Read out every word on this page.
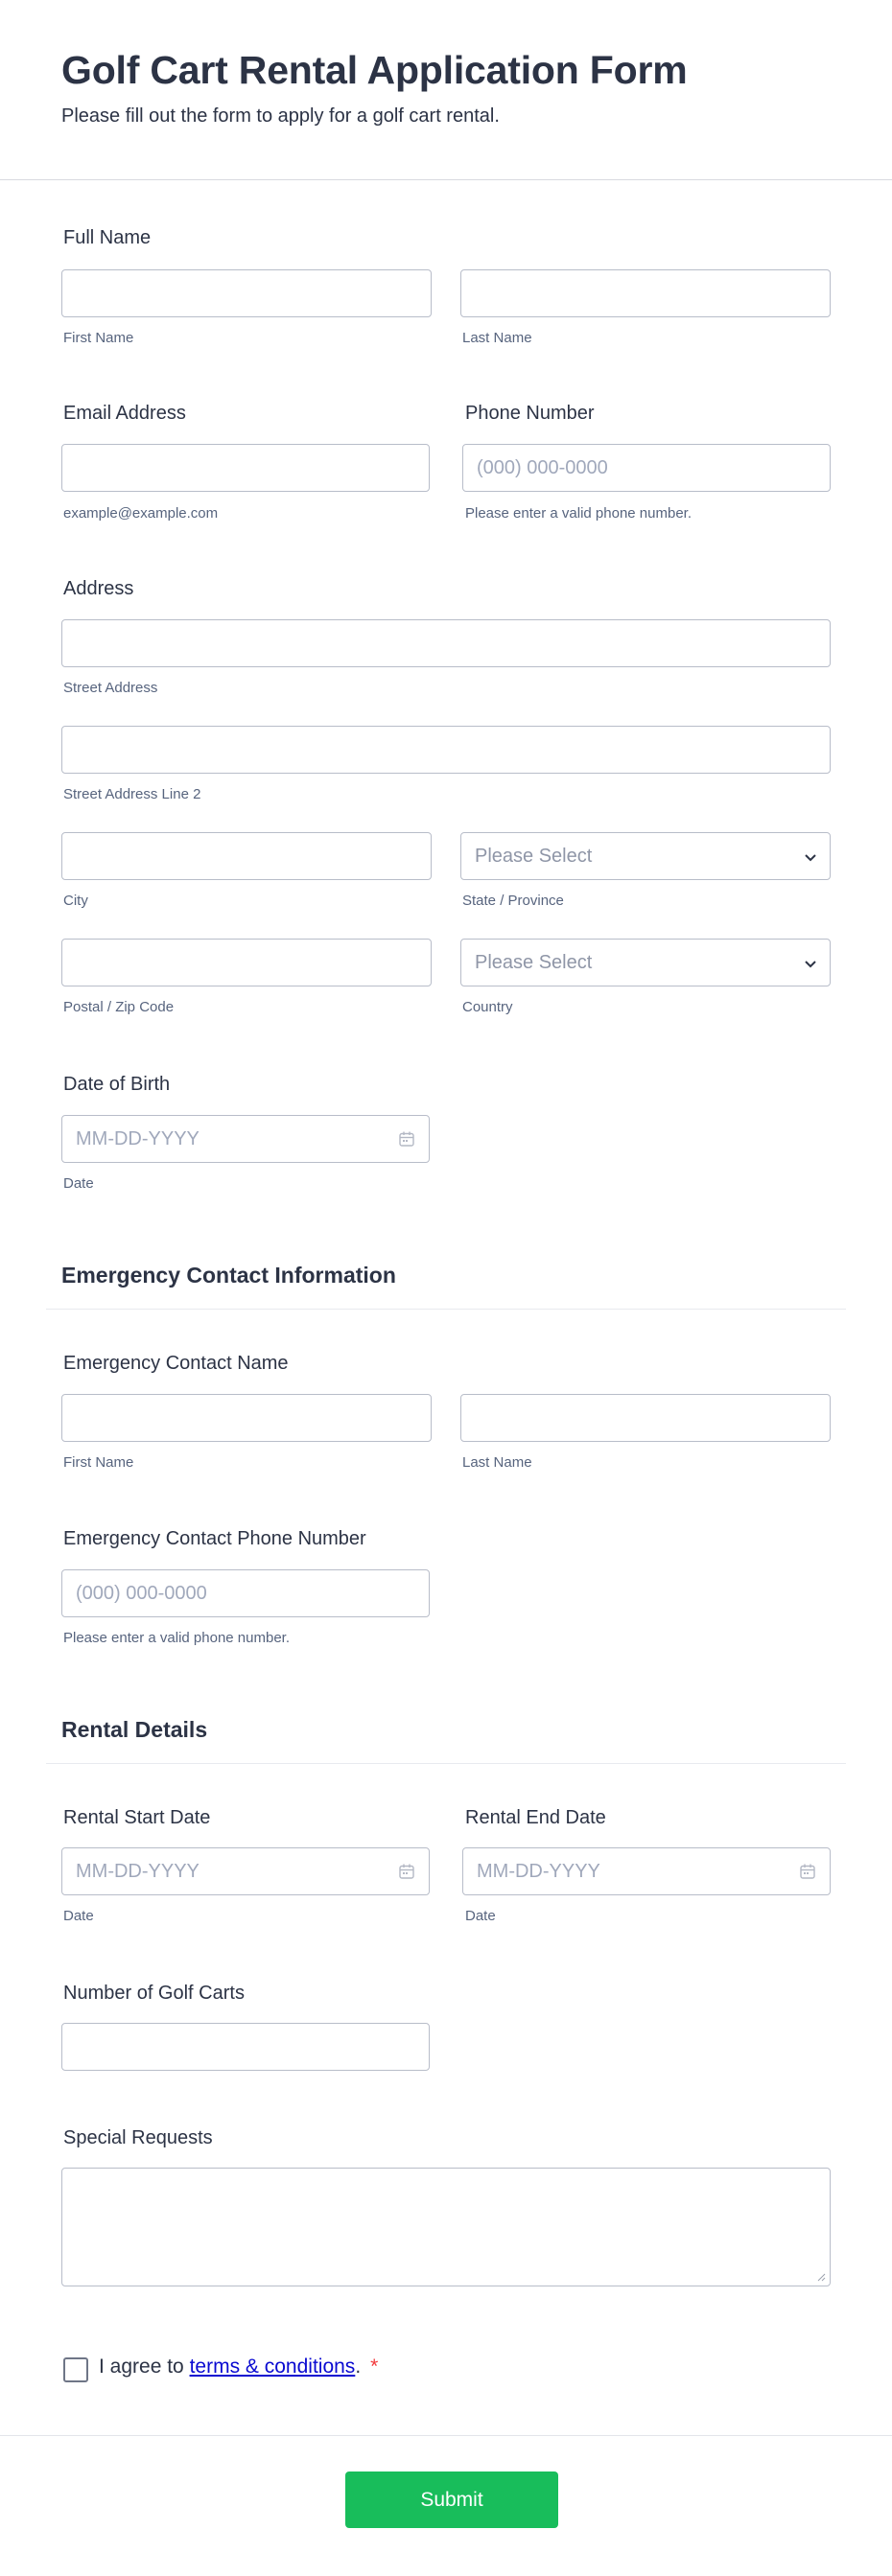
Golf Cart Rental Application Form
Please fill out the form to apply for a golf cart rental.
Full Name
First Name	Last Name
Email Address
example@example.com
Phone Number
(000) 000-0000
Please enter a valid phone number.
Address
Street Address
Street Address Line 2
City
Please Select
State / Province
Postal / Zip Code
Please Select
Country
Date of Birth
MM-DD-YYYY
Date
Emergency Contact Information
Emergency Contact Name
First Name	Last Name
Emergency Contact Phone Number
(000) 000-0000
Please enter a valid phone number.
Rental Details
Rental Start Date
MM-DD-YYYY
Date
Rental End Date
MM-DD-YYYY
Date
Number of Golf Carts
Special Requests
I agree to terms & conditions. *
Submit
